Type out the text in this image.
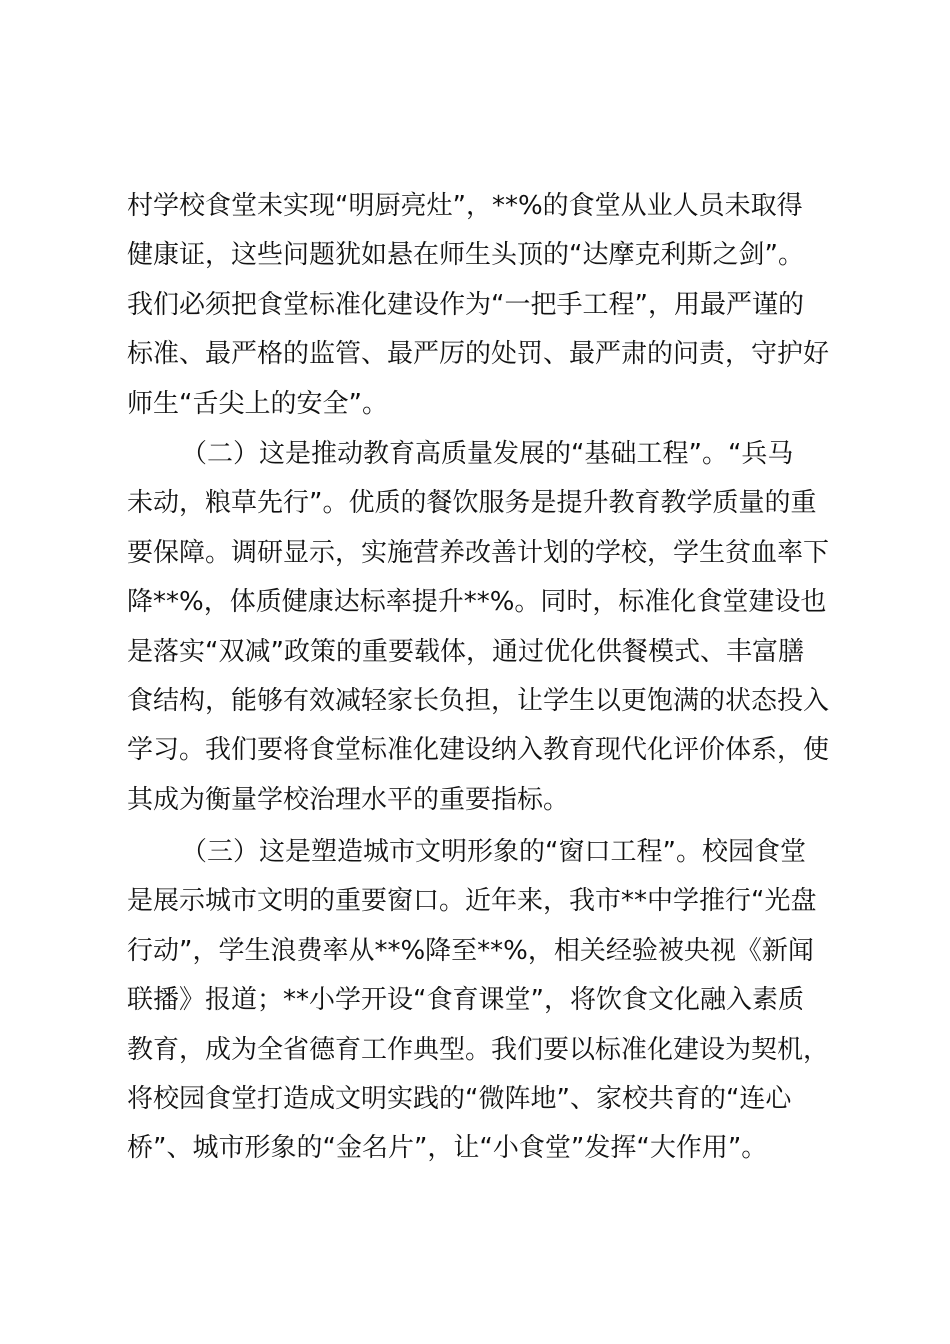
村学校食堂未实现“明厨亮灶”，**%的食堂从业人员未取得
健康证，这些问题犹如悬在师生头顶的“达摩克利斯之剑”。
我们必须把食堂标准化建设作为“一把手工程”，用最严谨的
标准、最严格的监管、最严厉的处罚、最严肃的问责，守护好
师生“舌尖上的安全”。
（二）这是推动教育高质量发展的“基础工程”。“兵马
未动，粮草先行”。优质的餐饮服务是提升教育教学质量的重
要保障。调研显示，实施营养改善计划的学校，学生贫血率下
降**%，体质健康达标率提升**%。同时，标准化食堂建设也
是落实“双减”政策的重要载体，通过优化供餐模式、丰富膳
食结构，能够有效减轻家长负担，让学生以更饱满的状态投入
学习。我们要将食堂标准化建设纳入教育现代化评价体系，使
其成为衡量学校治理水平的重要指标。
（三）这是塑造城市文明形象的“窗口工程”。校园食堂
是展示城市文明的重要窗口。近年来，我市**中学推行“光盘
行动”，学生浪费率从**%降至**%，相关经验被央视《新闻
联播》报道；**小学开设“食育课堂”，将饮食文化融入素质
教育，成为全省德育工作典型。我们要以标准化建设为契机，
将校园食堂打造成文明实践的“微阵地”、家校共育的“连心
桥”、城市形象的“金名片”，让“小食堂”发挥“大作用”。
